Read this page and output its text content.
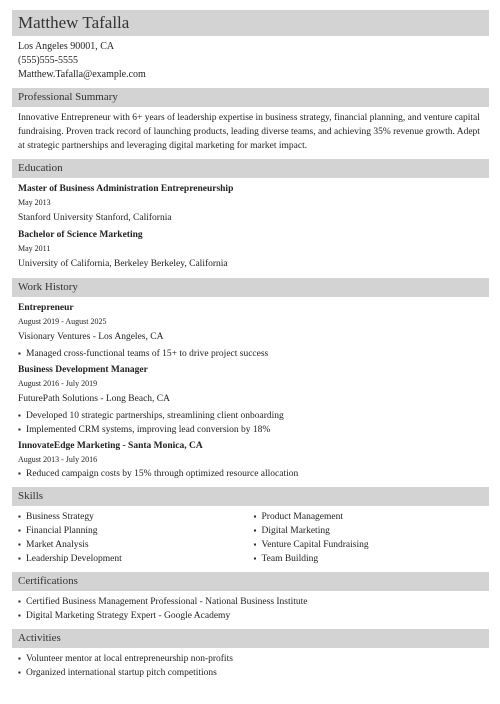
Matthew Tafalla
Los Angeles 90001, CA
(555)555-5555
Matthew.Tafalla@example.com
Professional Summary

Innovative Entrepreneur with 6+ years of leadership expertise in business strategy, financial planning, and venture capital fundraising. Proven track record of launching products, leading diverse teams, and achieving 35% revenue growth. Adept at strategic partnerships and leveraging digital marketing for market impact.

Education
Master of Business Administration Entrepreneurship
May 2013
Stanford University Stanford, California
Bachelor of Science Marketing
May 2011
University of California, Berkeley Berkeley, California
Work History
Entrepreneur
August 2019 - August 2025
Visionary Ventures - Los Angeles, CA
▪ Managed cross-functional teams of 15+ to drive project success
Business Development Manager
August 2016 - July 2019
FuturePath Solutions - Long Beach, CA
▪ Developed 10 strategic partnerships, streamlining client onboarding
▪ Implemented CRM systems, improving lead conversion by 18%
InnovateEdge Marketing - Santa Monica, CA
August 2013 - July 2016
▪ Reduced campaign costs by 15% through optimized resource allocation
Skills
▪ Business Strategy
▪ Financial Planning
▪ Market Analysis
▪ Leadership Development
▪ Product Management
▪ Digital Marketing
▪ Venture Capital Fundraising
▪ Team Building
Certifications
▪ Certified Business Management Professional - National Business Institute
▪ Digital Marketing Strategy Expert - Google Academy
Activities
▪ Volunteer mentor at local entrepreneurship non-profits
▪ Organized international startup pitch competitions
